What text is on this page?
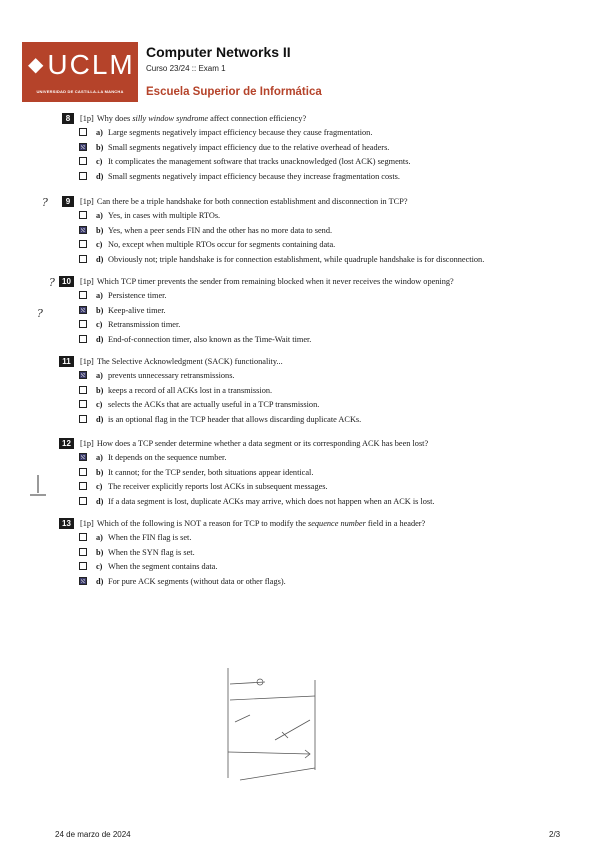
◆UCLM
UNIVERSIDAD DE CASTILLA-LA MANCHA
Computer Networks II
Curso 23/24 :: Exam 1
Escuela Superior de Informática
8	[1p] Why does silly window syndrome affect connection efficiency?
a) Large segments negatively impact efficiency because they cause fragmentation.
b) Small segments negatively impact efficiency due to the relative overhead of headers.
c) It complicates the management software that tracks unacknowledged (lost ACK) segments.
d) Small segments negatively impact efficiency because they increase fragmentation costs.
9	[1p] Can there be a triple handshake for both connection establishment and disconnection in TCP?
a) Yes, in cases with multiple RTOs.
b) Yes, when a peer sends FIN and the other has no more data to send.
c) No, except when multiple RTOs occur for segments containing data.
d) Obviously not; triple handshake is for connection establishment, while quadruple handshake is for disconnection.
10	[1p] Which TCP timer prevents the sender from remaining blocked when it never receives the window opening?
a) Persistence timer.
b) Keep-alive timer.
c) Retransmission timer.
d) End-of-connection timer, also known as the Time-Wait timer.
11	[1p] The Selective Acknowledgment (SACK) functionality...
a) prevents unnecessary retransmissions.
b) keeps a record of all ACKs lost in a transmission.
c) selects the ACKs that are actually useful in a TCP transmission.
d) is an optional flag in the TCP header that allows discarding duplicate ACKs.
12	[1p] How does a TCP sender determine whether a data segment or its corresponding ACK has been lost?
a) It depends on the sequence number.
b) It cannot; for the TCP sender, both situations appear identical.
c) The receiver explicitly reports lost ACKs in subsequent messages.
d) If a data segment is lost, duplicate ACKs may arrive, which does not happen when an ACK is lost.
13	[1p] Which of the following is NOT a reason for TCP to modify the sequence number field in a header?
a) When the FIN flag is set.
b) When the SYN flag is set.
c) When the segment contains data.
d) For pure ACK segments (without data or other flags).
?
?
?
24 de marzo de 2024	2/3
